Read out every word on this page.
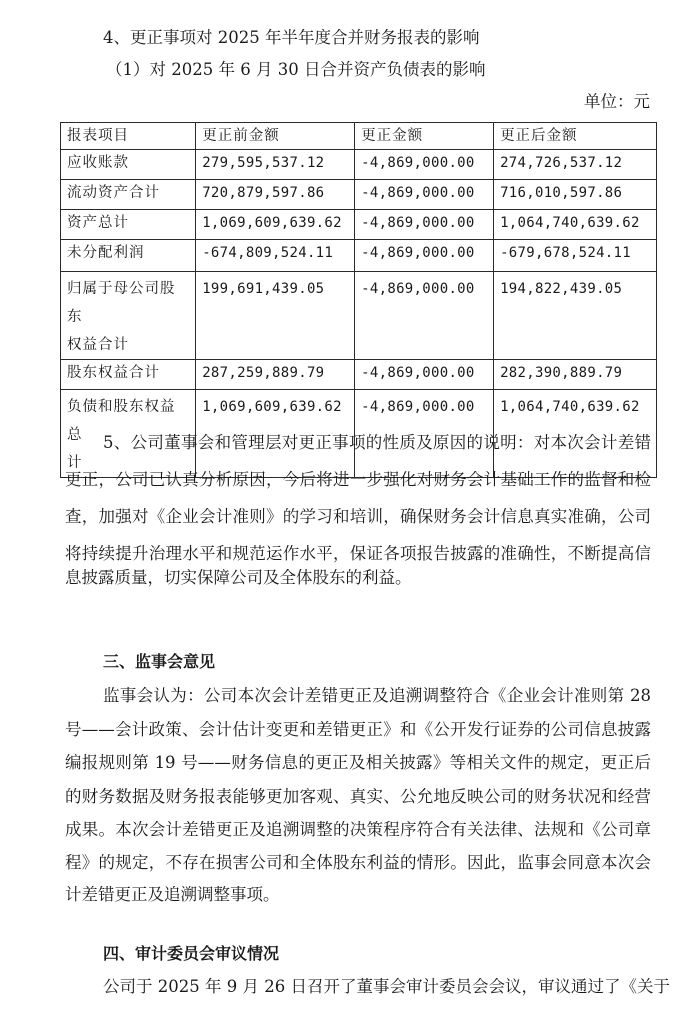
4、更正事项对 2025 年半年度合并财务报表的影响
（1）对 2025 年 6 月 30 日合并资产负债表的影响
单位：元
报表项目	更正前金额	更正金额	更正后金额
应收账款	279,595,537.12	-4,869,000.00	274,726,537.12
流动资产合计	720,879,597.86	-4,869,000.00	716,010,597.86
资产总计	1,069,609,639.62	-4,869,000.00	1,064,740,639.62
未分配利润	-674,809,524.11	-4,869,000.00	-679,678,524.11
归属于母公司股东
权益合计	199,691,439.05	-4,869,000.00	194,822,439.05
股东权益合计	287,259,889.79	-4,869,000.00	282,390,889.79
负债和股东权益总
计	1,069,609,639.62	-4,869,000.00	1,064,740,639.62
5、公司董事会和管理层对更正事项的性质及原因的说明：对本次会计差错
更正，公司已认真分析原因，今后将进一步强化对财务会计基础工作的监督和检
查，加强对《企业会计准则》的学习和培训，确保财务会计信息真实准确，公司
将持续提升治理水平和规范运作水平，保证各项报告披露的准确性，不断提高信
息披露质量，切实保障公司及全体股东的利益。
三、监事会意见
监事会认为：公司本次会计差错更正及追溯调整符合《企业会计准则第 28
号——会计政策、会计估计变更和差错更正》和《公开发行证券的公司信息披露
编报规则第 19 号——财务信息的更正及相关披露》等相关文件的规定，更正后
的财务数据及财务报表能够更加客观、真实、公允地反映公司的财务状况和经营
成果。本次会计差错更正及追溯调整的决策程序符合有关法律、法规和《公司章
程》的规定，不存在损害公司和全体股东利益的情形。因此，监事会同意本次会
计差错更正及追溯调整事项。
四、审计委员会审议情况
公司于 2025 年 9 月 26 日召开了董事会审计委员会会议，审议通过了《关于
